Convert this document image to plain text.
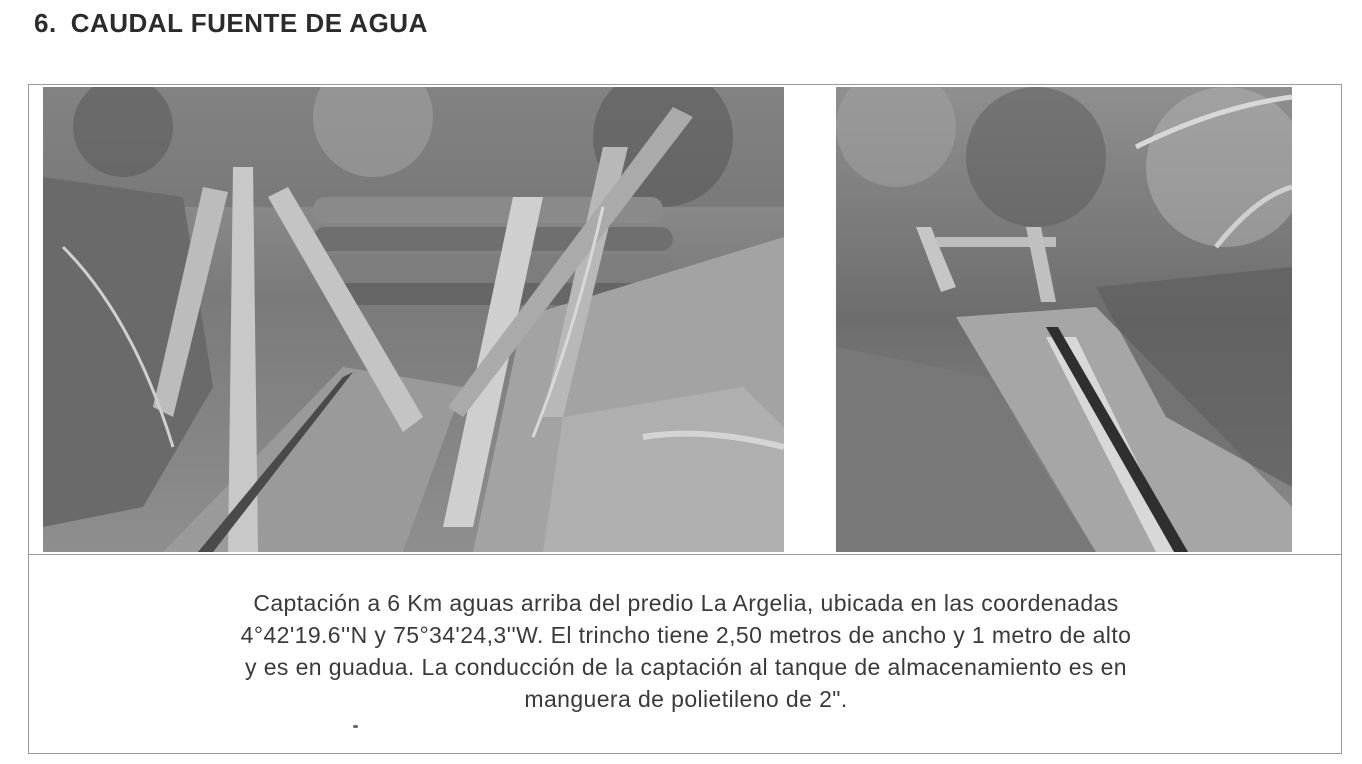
6. CAUDAL FUENTE DE AGUA
Captación a 6 Km aguas arriba del predio La Argelia, ubicada en las coordenadas
4°42'19.6''N y 75°34'24,3''W. El trincho tiene 2,50 metros de ancho y 1 metro de alto
y es en guadua. La conducción de la captación al tanque de almacenamiento es en
manguera de polietileno de 2".
